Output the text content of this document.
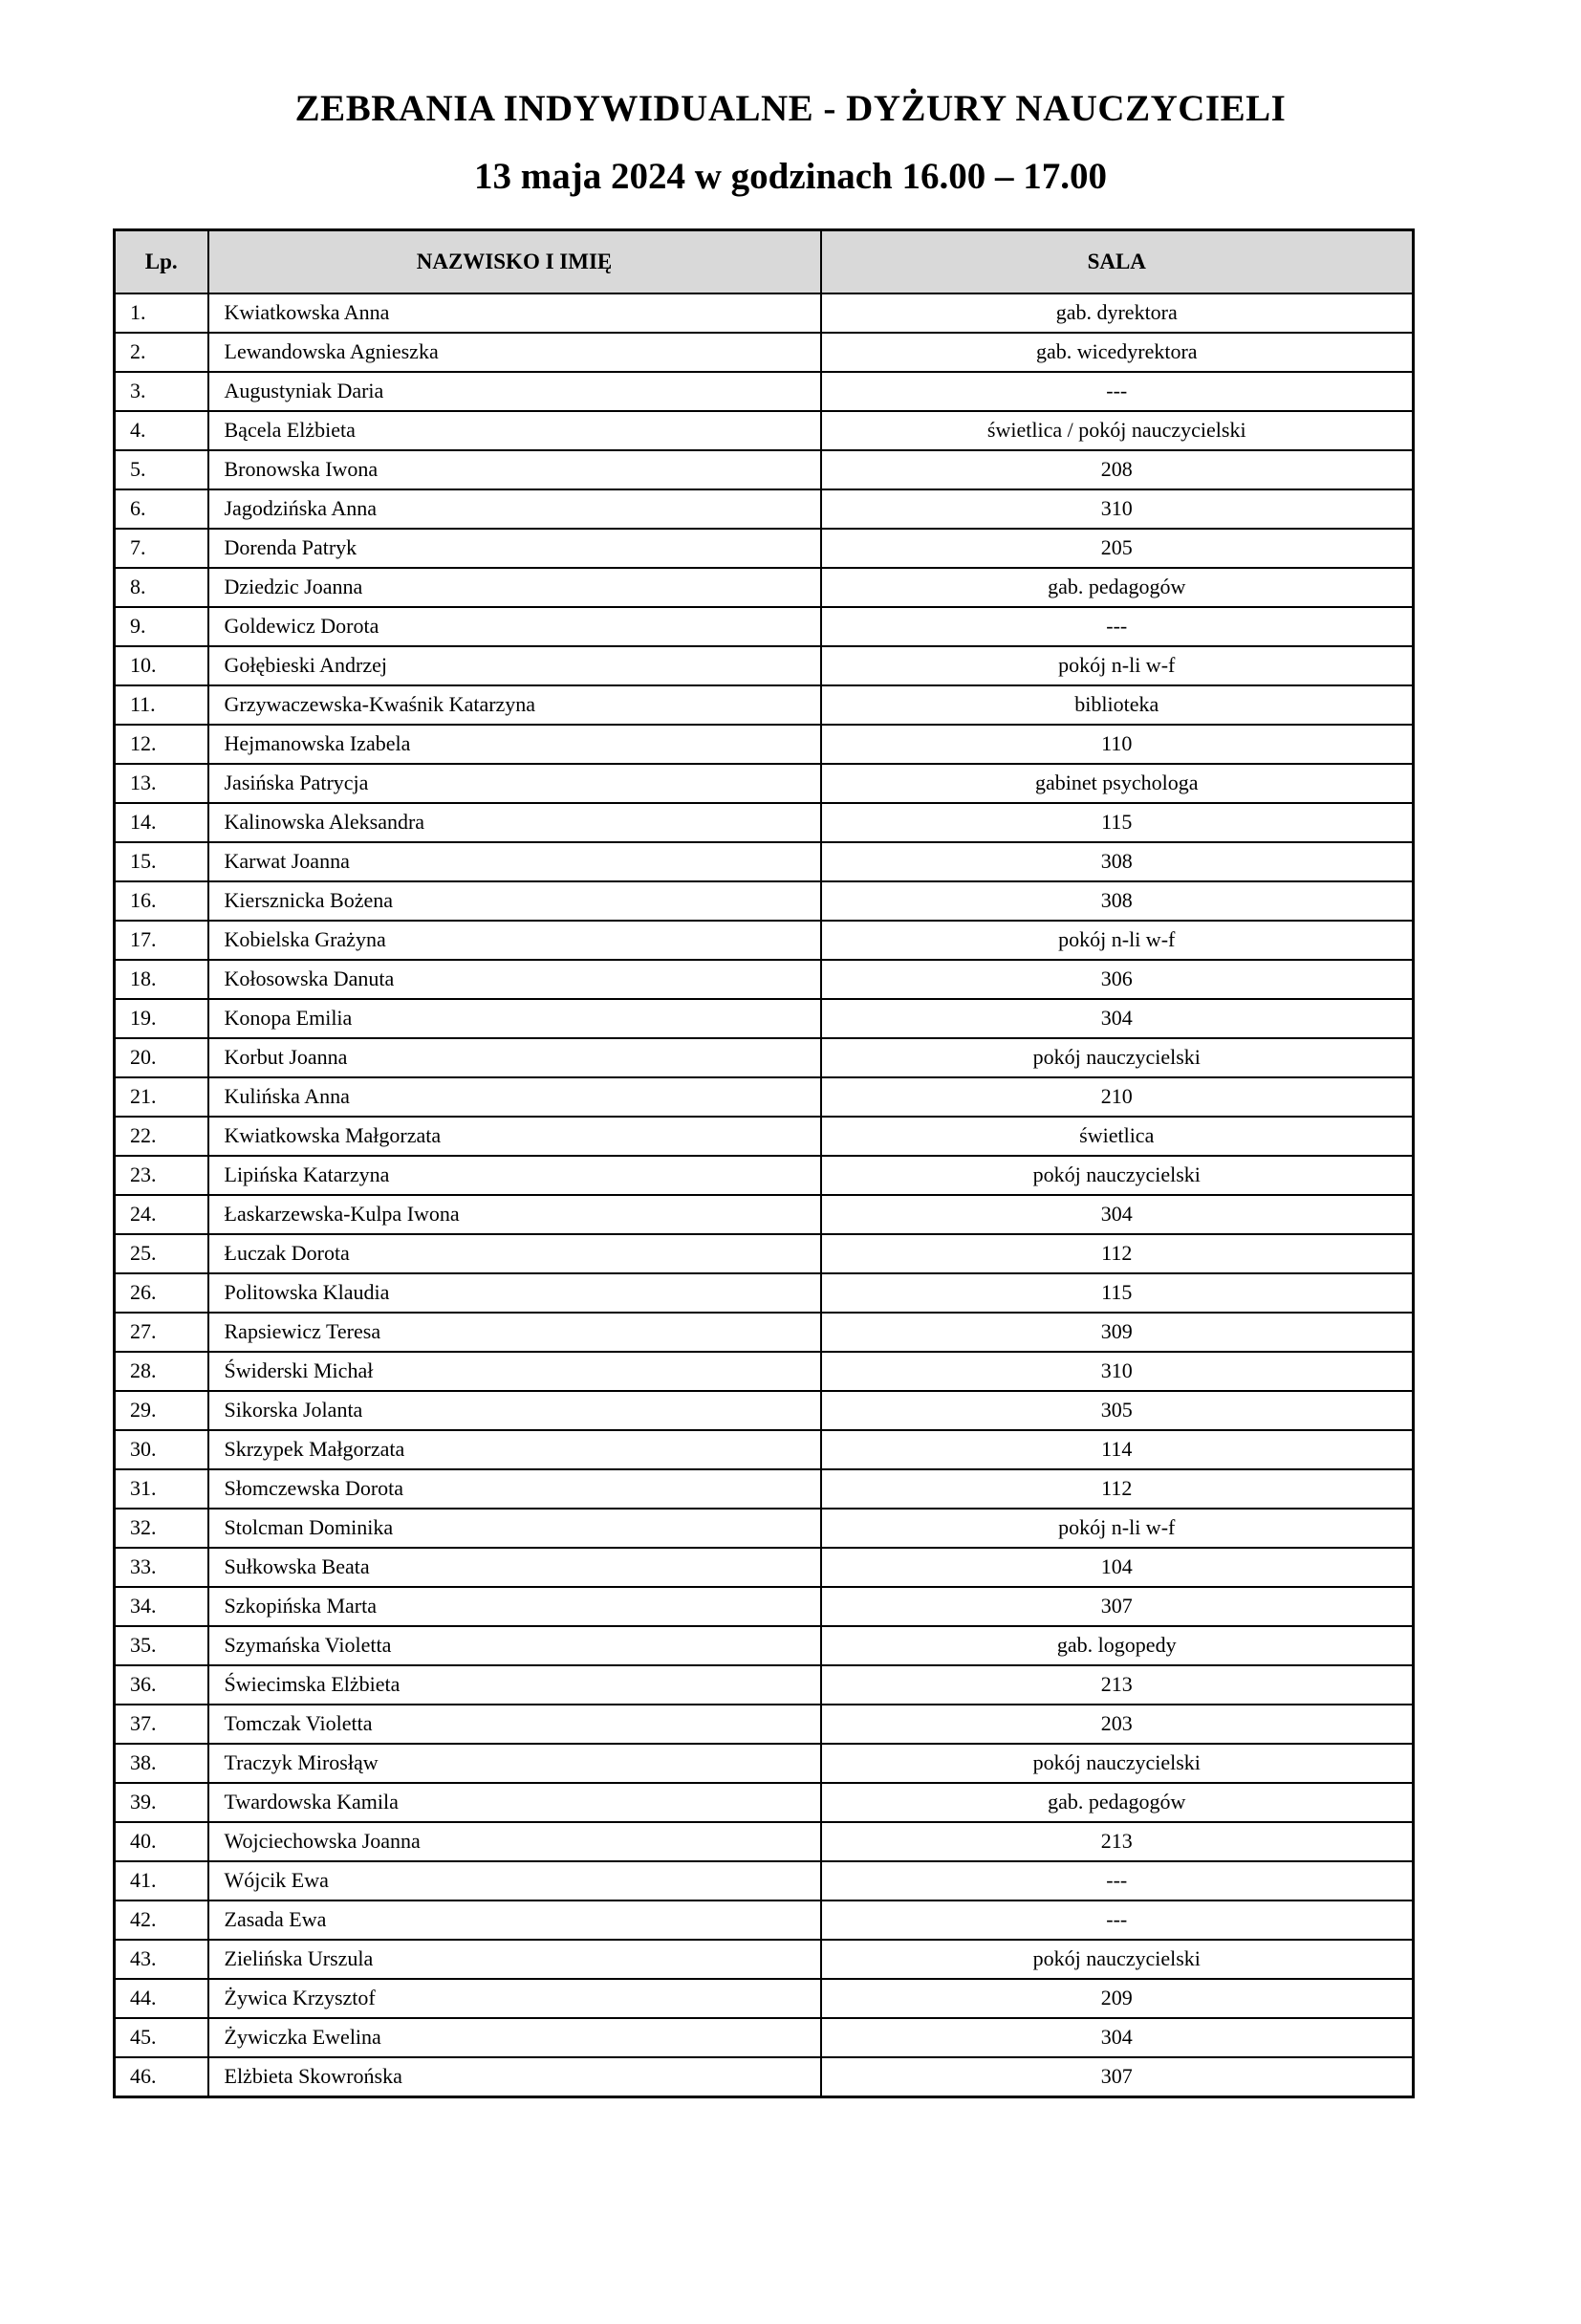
ZEBRANIA INDYWIDUALNE - DYŻURY NAUCZYCIELI
13 maja 2024 w godzinach 16.00 – 17.00
Lp.	NAZWISKO I IMIĘ	SALA
1.	Kwiatkowska Anna	gab. dyrektora
2.	Lewandowska Agnieszka	gab. wicedyrektora
3.	Augustyniak Daria	---
4.	Bącela Elżbieta	świetlica / pokój nauczycielski
5.	Bronowska Iwona	208
6.	Jagodzińska Anna	310
7.	Dorenda Patryk	205
8.	Dziedzic Joanna	gab. pedagogów
9.	Goldewicz Dorota	---
10.	Gołębieski Andrzej	pokój n-li w-f
11.	Grzywaczewska-Kwaśnik Katarzyna	biblioteka
12.	Hejmanowska Izabela	110
13.	Jasińska Patrycja	gabinet psychologa
14.	Kalinowska Aleksandra	115
15.	Karwat Joanna	308
16.	Kiersznicka Bożena	308
17.	Kobielska Grażyna	pokój n-li w-f
18.	Kołosowska Danuta	306
19.	Konopa Emilia	304
20.	Korbut Joanna	pokój nauczycielski
21.	Kulińska Anna	210
22.	Kwiatkowska Małgorzata	świetlica
23.	Lipińska Katarzyna	pokój nauczycielski
24.	Łaskarzewska-Kulpa Iwona	304
25.	Łuczak Dorota	112
26.	Politowska Klaudia	115
27.	Rapsiewicz Teresa	309
28.	Świderski Michał	310
29.	Sikorska Jolanta	305
30.	Skrzypek Małgorzata	114
31.	Słomczewska Dorota	112
32.	Stolcman Dominika	pokój n-li w-f
33.	Sułkowska Beata	104
34.	Szkopińska Marta	307
35.	Szymańska Violetta	gab. logopedy
36.	Świecimska Elżbieta	213
37.	Tomczak Violetta	203
38.	Traczyk Mirosłąw	pokój nauczycielski
39.	Twardowska Kamila	gab. pedagogów
40.	Wojciechowska Joanna	213
41.	Wójcik Ewa	---
42.	Zasada Ewa	---
43.	Zielińska Urszula	pokój nauczycielski
44.	Żywica Krzysztof	209
45.	Żywiczka Ewelina	304
46.	Elżbieta Skowrońska	307
